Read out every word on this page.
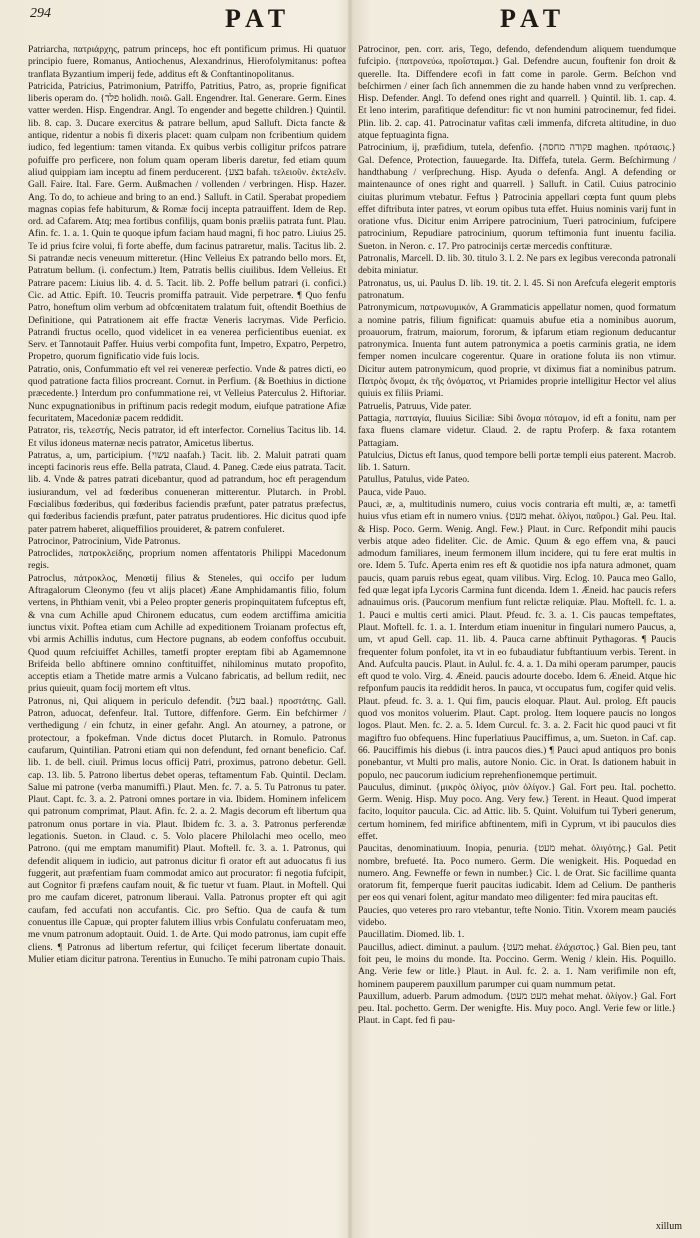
294	PAT	PAT

Patriarcha, πατριάρχης, patrum princeps, hoc eft pontificum primus. Hi quatuor principio fuere, Romanus, Antiochenus, Alexandrinus, Hierofolymitanus: poftea tranflata Byzantium imperij fede, additus eft & Conftantinopolitanus.

Patricida, Patricius, Patrimonium, Patriffo, Patritius, Patro, as, proprie fignificat liberis operam do. {פלד holidh. ποιῶ. Gall. Engendrer. Ital. Generare. Germ. Eines vatter werden. Hisp. Engendrar. Angl. To engender and begette children.} Quintil. lib. 8. cap. 3. Ducare exercitus & patrare bellum, apud Salluft. Dicta fancte & antique, ridentur a nobis fi dixeris placet: quam culpam non fcribentium quidem iudico, fed legentium: tamen vitanda. Ex quibus verbis colligitur prifcos patrare pofuiffe pro perficere, non folum quam operam liberis daretur, fed etiam quum aliud quippiam iam inceptu ad finem perducerent. {בצע bafah. τελειοῦν. ἐκτελεῖν. Gall. Faire. Ital. Fare. Germ. Außmachen / vollenden / verbringen. Hisp. Hazer. Ang. To do, to achieue and bring to an end.} Salluft. in Catil. Sperabat propediem magnas copias fefe habiturum, & Romæ focij incepta patrauiffent. Idem de Rep. ord. ad Cafarem. Atq; mea fortibus confilijs, quam bonis præliis patrata funt. Plau. Afin. fc. 1. a. 1. Quin te quoque ipfum faciam haud magni, fi hoc patro. Liuius 25. Te id prius fcire volui, fi forte abeffe, dum facinus patraretur, malis. Tacitus lib. 2. Si patrandæ necis veneuum mitteretur. (Hinc Velleius Ex patrando bello mors. Et, Patratum bellum. (i. confectum.) Item, Patratis bellis ciuilibus. Idem Velleius. Et Patrare pacem: Liuius lib. 4. d. 5. Tacit. lib. 2. Poffe bellum patrari (i. confici.) Cic. ad Attic. Epift. 10. Teucris promiffa patrauit. Vide perpetrare. ¶ Quo fenfu Patro, honeftum olim verbum ad obfcœnitatem tralatum fuit, oftendit Boethius de Definitione, qui Patrationem ait effe fractæ Veneris lacrymas. Vide Perficio. Patrandi fructus ocello, quod videlicet in ea venerea perficientibus eueniat. ex Serv. et Tannotauit Paffer. Huius verbi compofita funt, Impetro, Expatro, Perpetro, Propetro, quorum fignificatio vide fuis locis.

Patratio, onis, Confummatio eft vel rei venereæ perfectio. Vnde & patres dicti, eo quod patratione facta filios procreant. Cornut. in Perfium. {& Boethius in dictione præcedente.} Interdum pro confummatione rei, vt Velleius Paterculus 2. Hiftoriar. Nunc expugnationibus in priftinum pacis redegit modum, eiufque patratione Afiæ fecuritatem, Macedoniæ pacem reddidit.

Patrator, ris, τελεστής, Necis patrator, id eft interfector. Cornelius Tacitus lib. 14. Et vilus idoneus maternæ necis patrator, Amicetus libertus.

Patratus, a, um, participium. {עשוי naafah.} Tacit. lib. 2. Maluit patrati quam incepti facinoris reus effe. Bella patrata, Claud. 4. Paneg. Cæde eius patrata. Tacit. lib. 4. Vnde & patres patrati dicebantur, quod ad patrandum, hoc eft peragendum iusiurandum, vel ad fœderibus conueneran mitterentur. Plutarch. in Probl. Fœcialibus fœderibus, qui fœderibus faciendis præfunt, pater patratus præfectus, qui fœderibus faciendis præfunt, pater patratus prudentiores. Hic dicitus quod ipfe pater patrem haberet, aliqueffilios prouideret, & patrem confuleret.

Patrocinor, Patrocinium, Vide Patronus.

Patroclides, πατροκλείδης, proprium nomen affentatoris Philippi Macedonum regis.

Patroclus, πάτροκλος, Menœtij filius & Steneles, qui occifo per ludum Aftragalorum Cleonymo (feu vt alijs placet) Æane Amphidamantis filio, folum vertens, in Phthiam venit, vbi a Peleo propter generis propinquitatem fufceptus eft, & vna cum Achille apud Chironem educatus, cum eodem arctiffima amicitia iunctus vixit. Poftea etiam cum Achille ad expeditionem Troianam profectus eft, vbi armis Achillis indutus, cum Hectore pugnans, ab eodem confoffus occubuit. Quod quum refciuiffet Achilles, tametfi propter ereptam fibi ab Agamemnone Brifeida bello abftinere omnino conftituiffet, nihilominus mutato propofito, acceptis etiam a Thetide matre armis a Vulcano fabricatis, ad bellum rediit, nec prius quieuit, quam focij mortem eft vltus.

Patronus, ni, Qui aliquem in periculo defendit. {בעל baal.} προστάτης. Gall. Patron, aduocat, defenfeur. Ital. Tuttore, diffenfore. Germ. Ein befchirmer / verthedigung / ein fchutz, in einer gefahr. Angl. An atourney, a patrone, or protectour, a fpokefman. Vnde dictus docet Plutarch. in Romulo. Patronus caufarum, Quintilian. Patroni etiam qui non defendunt, fed ornant beneficio. Caf. lib. 1. de bell. ciuil. Primus locus officij Patri, proximus, patrono debetur. Gell. cap. 13. lib. 5. Patrono libertus debet operas, teftamentum Fab. Quintil. Declam. Salue mi patrone (verba manumiffi.) Plaut. Men. fc. 7. a. 5. Tu Patronus tu pater. Plaut. Capt. fc. 3. a. 2. Patroni omnes portare in via. Ibidem. Hominem infelicem qui patronum comprimat, Plaut. Afin. fc. 2. a. 2. Magis decorum eft libertum qua patronum onus portare in via. Plaut. Ibidem fc. 3. a. 3. Patronus perferendæ legationis. Sueton. in Claud. c. 5. Volo placere Philolachi meo ocello, meo Patrono. (qui me emptam manumifit) Plaut. Moftell. fc. 3. a. 1. Patronus, qui defendit aliquem in iudicio, aut patronus dicitur fi orator eft aut aduocatus fi ius fuggerit, aut præfentiam fuam commodat amico aut procurator: fi negotia fufcipit, aut Cognitor fi præfens caufam nouit, & fic tuetur vt fuam. Plaut. in Moftell. Qui pro me caufam diceret, patronum liberaui. Valla. Patronus propter eft qui agit caufam, fed accufati non accufantis. Cic. pro Seftio. Qua de caufa & tum conuentus ille Capuæ, qui propter falutem illius vrbis Confulatu conferuatam meo, me vnum patronum adoptauit. Ouid. 1. de Arte. Qui modo patronus, iam cupit effe cliens. ¶ Patronus ad libertum refertur, qui fciliçet fecerum libertate donauit. Mulier etiam dicitur patrona. Terentius in Eunucho. Te mihi patronam cupio Thais.

Patrocinor, pen. corr. aris, Tego, defendo, defendendum aliquem tuendumque fufcipio. {πατρονεύω, προΐσταμαι.} Gal. Defendre aucun, fouftenir fon droit & querelle. Ita. Diffendere ecofi in fatt come in parole. Germ. Beſchon vnd beſchirmen / einer ſach ſich annemmen die zu hande haben vnnd zu verſprechen. Hisp. Defender. Angl. To defend ones right and quarrell. } Quintil. lib. 1. cap. 4. Et leno interim, parafitique defenditur: fic vt non humini patrocinemur, fed fidei. Plin. lib. 2. cap. 41. Patrocinatur vafitas cæli immenfa, difcreta altitudine, in duo atque feptuaginta figna.

Patrocinium, ij, præfidium, tutela, defenfio. {פקודה מחסה maghen. πρότασις.} Gal. Defence, Protection, fauuegarde. Ita. Diffefa, tutela. Germ. Beſchirmung / handthabung / verſprechung. Hisp. Ayuda o defenfa. Angl. A defending or maintenaunce of ones right and quarrell. } Salluft. in Catil. Cuius patrocinio ciuitas plurimum vtebatur. Feftus } Patrocinia appellari cœpta funt quum plebs effet diftributa inter patres, vt eorum opibus tuta effet. Huius nominis varij funt in oratione vfus. Dicitur enim Arripere patrocinium, Tueri patrocinium, fufcipere patrocinium, Repudiare patrocinium, quorum teftimonia funt inuentu facilia. Sueton. in Neron. c. 17. Pro patrocinijs certæ mercedis conftituræ.

Patronalis, Marcell. D. lib. 30. titulo 3. l. 2. Ne pars ex legibus vereconda patronali debita miniatur.

Patronatus, us, ui. Paulus D. lib. 19. tit. 2. l. 45. Si non Arefcufa elegerit emptoris patronatum.

Patronymicum, πατρωνυμικόν, A Grammaticis appellatur nomen, quod formatum a nomine patris, filium fignificat: quamuis abufue etia a nominibus auorum, proauorum, fratrum, maiorum, fororum, & ipfarum etiam regionum deducantur patronymica. Inuenta funt autem patronymica a poetis carminis gratia, ne idem femper nomen inculcare cogerentur. Quare in oratione foluta iis non vtimur. Dicitur autem patronymicum, quod proprie, vt diximus fiat a nominibus patrum. Πατρὸς ὄνομα, ἐκ τῆς ὀνόματος, vt Priamides proprie intelligitur Hector vel alius quiuis ex filiis Priami.

Patruelis, Patruus, Vide pater.

Pattagia, πατταγία, fluuius Siciliæ: Sibi ὄνομα πόταμον, id eft a fonitu, nam per faxa fluens clamare videtur. Claud. 2. de raptu Proferp. & faxa rotantem Pattagiam.

Patulcius, Dictus eft Ianus, quod tempore belli portæ templi eius paterent. Macrob. lib. 1. Saturn.

Patullus, Patulus, vide Pateo.

Pauca, vide Pauo.

Pauci, æ, a, multitudinis numero, cuius vocis contraria eft multi, æ, a: tametfi huius vfus etiam eft in numero vnius. {מעט mehat. ὀλίγοι, παῦροι.} Gal. Peu. Ital. & Hisp. Poco. Germ. Wenig. Angl. Few.} Plaut. in Curc. Refpondit mihi paucis verbis atque adeo fideliter. Cic. de Amic. Quum & ego effem vna, & pauci admodum familiares, ineum fermonem illum incidere, qui tu fere erat multis in ore. Idem 5. Tufc. Aperta enim res eft & quotidie nos ipfa natura admonet, quam paucis, quam paruis rebus egeat, quam vilibus. Virg. Eclog. 10. Pauca meo Gallo, fed quæ legat ipfa Lycoris Carmina funt dicenda. Idem 1. Æneid. hac paucis refers adnauimus oris. (Paucorum menfium funt relictæ reliquiæ. Plau. Moftell. fc. 1. a. 1. Pauci e multis certi amici. Plaut. Pfeud. fc. 3. a. 1. Cis paucas tempeftates, Plaut. Moftell. fc. 1. a. 1. Interdum etiam inuenitur in fingulari numero Paucus, a, um, vt apud Gell. cap. 11. lib. 4. Pauca carne abftinuit Pythagoras. ¶ Paucis frequenter folum ponfolet, ita vt in eo fubaudiatur fubftantiuum verbis. Terent. in And. Aufculta paucis. Plaut. in Aulul. fc. 4. a. 1. Da mihi operam parumper, paucis eft quod te volo. Virg. 4. Æneid. paucis adourte docebo. Idem 6. Æneid. Atque hic refponfum paucis ita reddidit heros. In pauca, vt occupatus fum, cogifer quid velis. Plaut. pfeud. fc. 3. a. 1. Qui fim, paucis eloquar. Plaut. Aul. prolog. Eft paucis quod vos monitos voluerim. Plaut. Capt. prolog. Item loquere paucis no longos logos. Plaut. Men. fc. 2. a. 5. Idem Curcul. fc. 3. a. 2. Facit hic quod pauci vt fit magiftro fuo obfequens. Hinc fuperlatiuus Pauciffimus, a, um. Sueton. in Caf. cap. 66. Pauciffimis his diebus (i. intra paucos dies.) ¶ Pauci apud antiquos pro bonis ponebantur, vt Multi pro malis, autore Nonio. Cic. in Orat. Is dationem habuit in populo, nec paucorum iudicium reprehenfionemque pertimuit.

Pauculus, diminut. {μικρὸς ὀλίγος, μιὸν ὀλίγον.} Gal. Fort peu. Ital. pochetto. Germ. Wenig. Hisp. Muy poco. Ang. Very few.} Terent. in Heaut. Quod imperat facito, loquitor paucula. Cic. ad Attic. lib. 5. Quint. Voluifum tui Tyberi generum, certum hominem, fed mirifice abftinentem, mifi in Cyprum, vt ibi pauculos dies effet.

Paucitas, denominatiuum. Inopia, penuria. {מעט mehat. ὀλιγότης.} Gal. Petit nombre, brefueté. Ita. Poco numero. Germ. Die wenigkeit. His. Poquedad en numero. Ang. Fewneffe or fewn in number.} Cic. l. de Orat. Sic facillime quanta oratorum fit, femperque fuerit paucitas iudicabit. Idem ad Celium. De pantheris per eos qui venari folent, agitur mandato meo diligenter: fed mira paucitas eft.

Paucies, quo veteres pro raro vtebantur, tefte Nonio. Titin. Vxorem meam pauciés videbo.

Paucillatim. Diomed. lib. 1.

Paucillus, adiect. diminut. a paulum. {מעט mehat. ἐλάχιστος.} Gal. Bien peu, tant foit peu, le moins du monde. Ita. Poccino. Germ. Wenig / klein. His. Poquillo. Ang. Verie few or litle.} Plaut. in Aul. fc. 2. a. 1. Nam verifimile non eft, hominem pauperem pauxillum parumper cui quam nummum petat.

Pauxillum, aduerb. Parum admodum. {מעט מעט mehat mehat. ὀλίγον.} Gal. Fort peu. Ital. pochetto. Germ. Der wenigfte. His. Muy poco. Angl. Verie few or litle.} Plaut. in Capt. fed fi pau-

xillum
